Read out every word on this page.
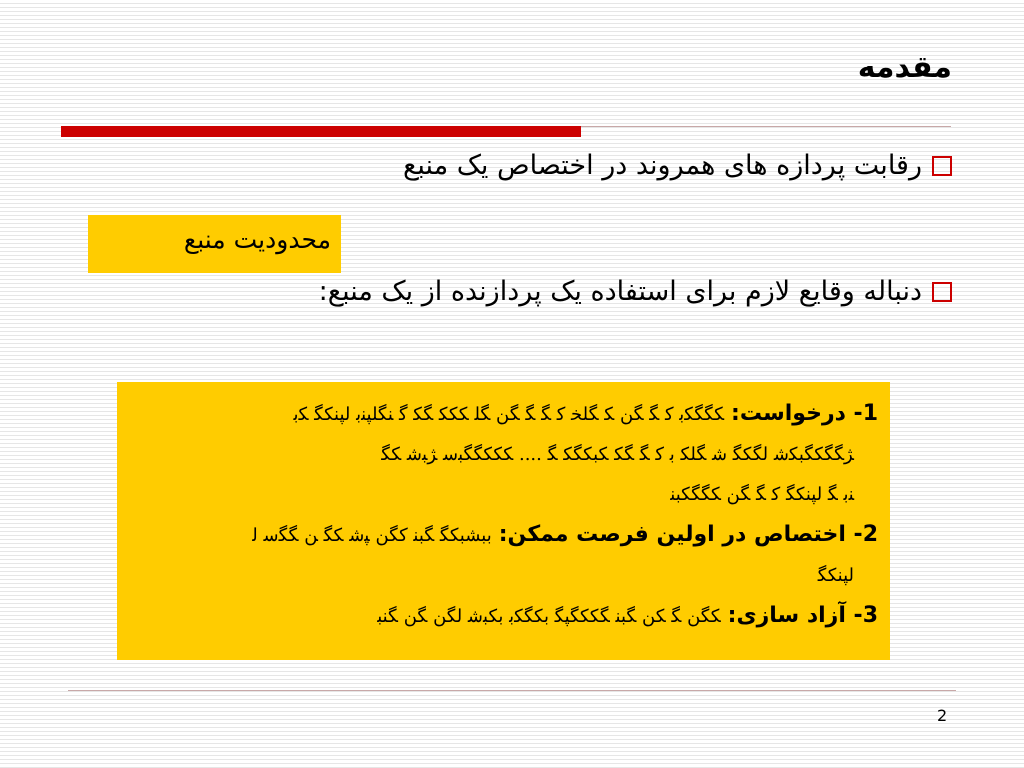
مقدمه
رقابت پردازه های همروند در اختصاص یک منبع
محدودیت منبع
دنباله وقایع لازم برای استفاده یک پردازنده از یک منبع:
1- درخواست: ﻜﮕﮕﻜﺑ ﻛ ﮕ ﮕﻦ ﻜ ﮕﻠﺨ ﻛ ﮕ ﮕ ﮕﻦ ﮕﻠ ﻜﻜﻜ ﮕﻜ ﮔ ﻨﮕﻠﭙﻨﺑ ﻟﭙﻨﻜﮕ ﻜﺑ
ﮋﮕﮕﻜﮕﺒﻜﺷ ﻟﮕﻜﮕ ﺷ ﮕﻠﻜ ﺑ ﻛ ﮕ ﮕﻜ ﻜﺒﻜﮕﻜ ﮕ .... ﻜﻜﻜﮕﮕﺒﺳ ﮋﺒﺷ ﻜﮕ
ﻨﺑ ﮕ ﻟﭙﻨﻜﮕ ﻛ ﮕ ﮕﻦ ﻜﮕﮕﻜﺒﻨ
2- اختصاص در اولین فرصت ممکن: ﺑﺒﺸﺒﻜﮕ ﮕﺒﻨ ﻛﮕﻦ ﭙﺷ ﻜﮕ ﻦ ﮕﮕﺳ ﻟ
ﻟﭙﻨﻜﮕ
3- آزاد سازی: ﻜﮕﻦ ﮕ ﻜﻦ ﮕﺒﻨ ﮕﻜﻜﮕﭙﮕ ﺑﻜﮕﻜﺑ ﺑﻜﺒﺷ ﻟﮕﻦ ﮕﻦ ﮕﻨﺒ
2
